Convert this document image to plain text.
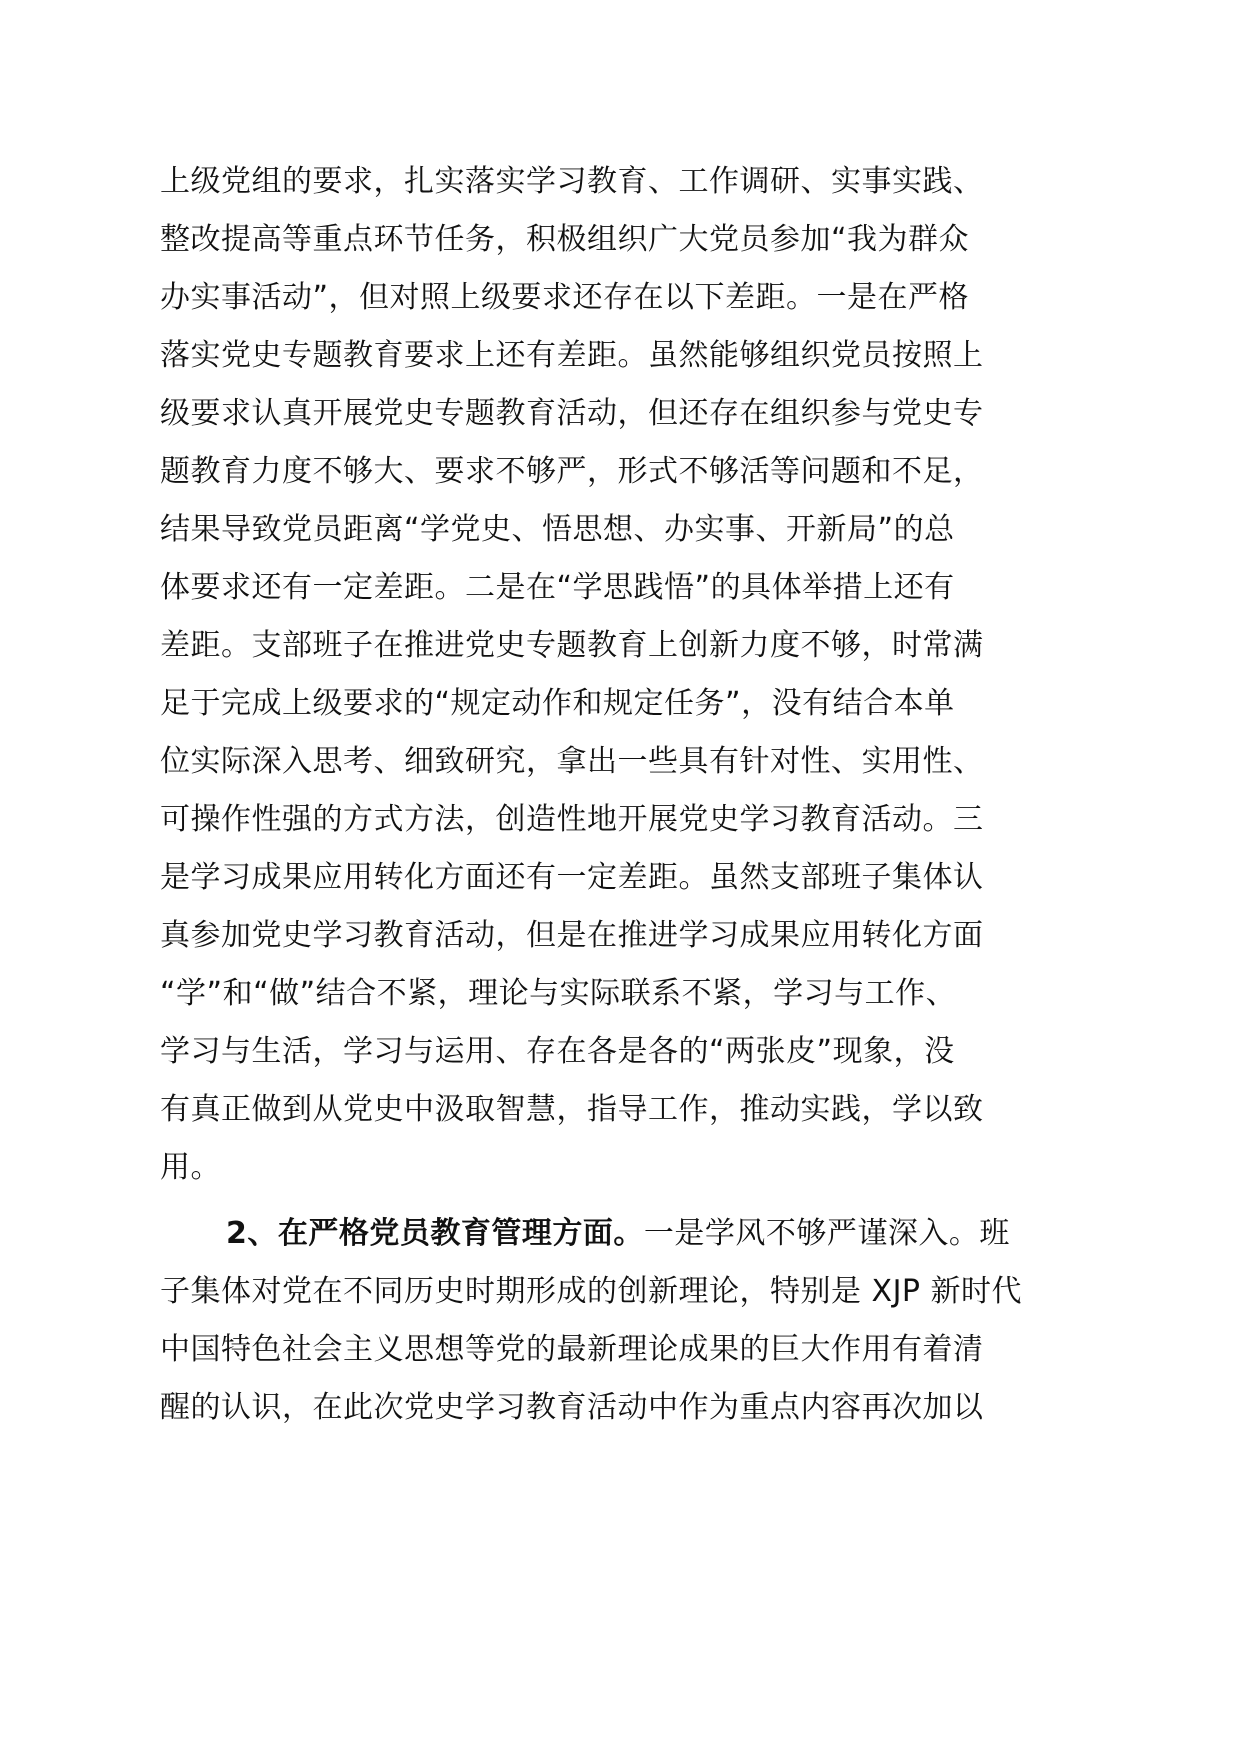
上级党组的要求，扎实落实学习教育、工作调研、实事实践、
整改提高等重点环节任务，积极组织广大党员参加“我为群众
办实事活动”，但对照上级要求还存在以下差距。一是在严格
落实党史专题教育要求上还有差距。虽然能够组织党员按照上
级要求认真开展党史专题教育活动，但还存在组织参与党史专
题教育力度不够大、要求不够严，形式不够活等问题和不足，
结果导致党员距离“学党史、悟思想、办实事、开新局”的总
体要求还有一定差距。二是在“学思践悟”的具体举措上还有
差距。支部班子在推进党史专题教育上创新力度不够，时常满
足于完成上级要求的“规定动作和规定任务”，没有结合本单
位实际深入思考、细致研究，拿出一些具有针对性、实用性、
可操作性强的方式方法，创造性地开展党史学习教育活动。三
是学习成果应用转化方面还有一定差距。虽然支部班子集体认
真参加党史学习教育活动，但是在推进学习成果应用转化方面
“学”和“做”结合不紧，理论与实际联系不紧，学习与工作、
学习与生活，学习与运用、存在各是各的“两张皮”现象，没
有真正做到从党史中汲取智慧，指导工作，推动实践，学以致
用。
2、在严格党员教育管理方面。一是学风不够严谨深入。班
子集体对党在不同历史时期形成的创新理论，特别是 XJP 新时代
中国特色社会主义思想等党的最新理论成果的巨大作用有着清
醒的认识，在此次党史学习教育活动中作为重点内容再次加以
